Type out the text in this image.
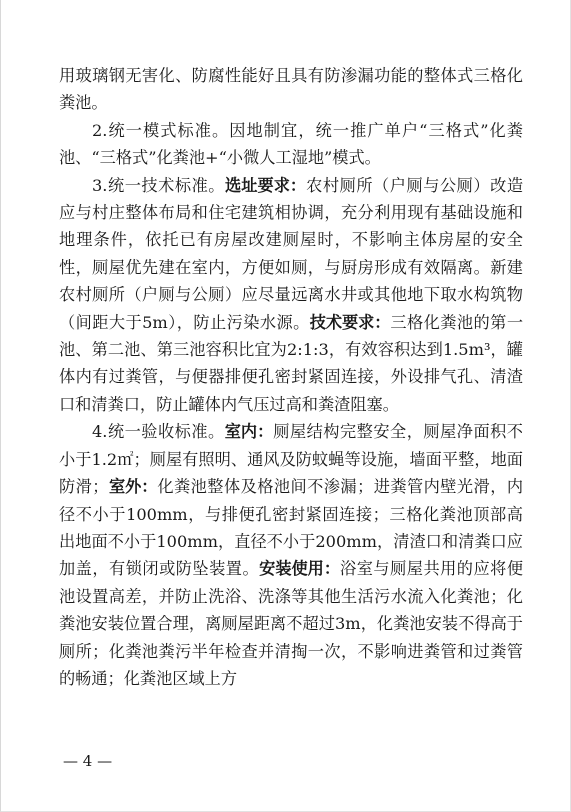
用玻璃钢无害化、防腐性能好且具有防渗漏功能的整体式三格化粪池。

2.统一模式标准。因地制宜，统一推广单户“三格式”化粪池、“三格式”化粪池+“小微人工湿地”模式。

3.统一技术标准。选址要求：农村厕所（户厕与公厕）改造应与村庄整体布局和住宅建筑相协调，充分利用现有基础设施和地理条件，依托已有房屋改建厕屋时，不影响主体房屋的安全性，厕屋优先建在室内，方便如厕，与厨房形成有效隔离。新建农村厕所（户厕与公厕）应尽量远离水井或其他地下取水构筑物（间距大于5m），防止污染水源。技术要求：三格化粪池的第一池、第二池、第三池容积比宜为2:1:3，有效容积达到1.5m³，罐体内有过粪管，与便器排便孔密封紧固连接，外设排气孔、清渣口和清粪口，防止罐体内气压过高和粪渣阻塞。

4.统一验收标准。室内：厕屋结构完整安全，厕屋净面积不小于1.2㎡；厕屋有照明、通风及防蚊蝇等设施，墙面平整，地面防滑；室外：化粪池整体及格池间不渗漏；进粪管内壁光滑，内径不小于100mm，与排便孔密封紧固连接；三格化粪池顶部高出地面不小于100mm，直径不小于200mm，清渣口和清粪口应加盖，有锁闭或防坠装置。安装使用：浴室与厕屋共用的应将便池设置高差，并防止洗浴、洗涤等其他生活污水流入化粪池；化粪池安装位置合理，离厕屋距离不超过3m，化粪池安装不得高于厕所；化粪池粪污半年检查并清掏一次，不影响进粪管和过粪管的畅通；化粪池区域上方

— 4 —
